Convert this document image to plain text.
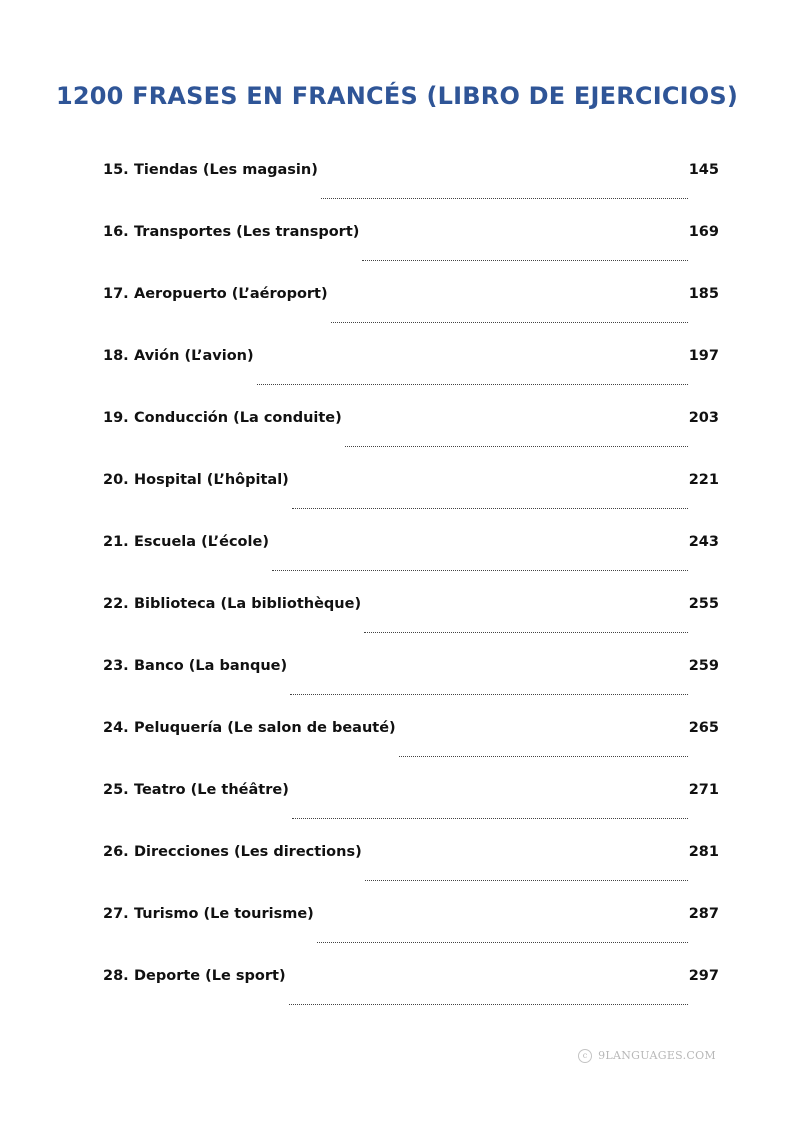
1200 FRASES EN FRANCÉS (LIBRO DE EJERCICIOS)
15. Tiendas (Les magasin)	145
16. Transportes (Les transport)	169
17. Aeropuerto (L’aéroport)	185
18. Avión (L’avion)	197
19. Conducción (La conduite)	203
20. Hospital (L’hôpital)	221
21. Escuela (L’école)	243
22. Biblioteca (La bibliothèque)	255
23. Banco (La banque)	259
24. Peluquería (Le salon de beauté)	265
25. Teatro (Le théâtre)	271
26. Direcciones (Les directions)	281
27. Turismo (Le tourisme)	287
28. Deporte (Le sport)	297
c 9LANGUAGES.COM
